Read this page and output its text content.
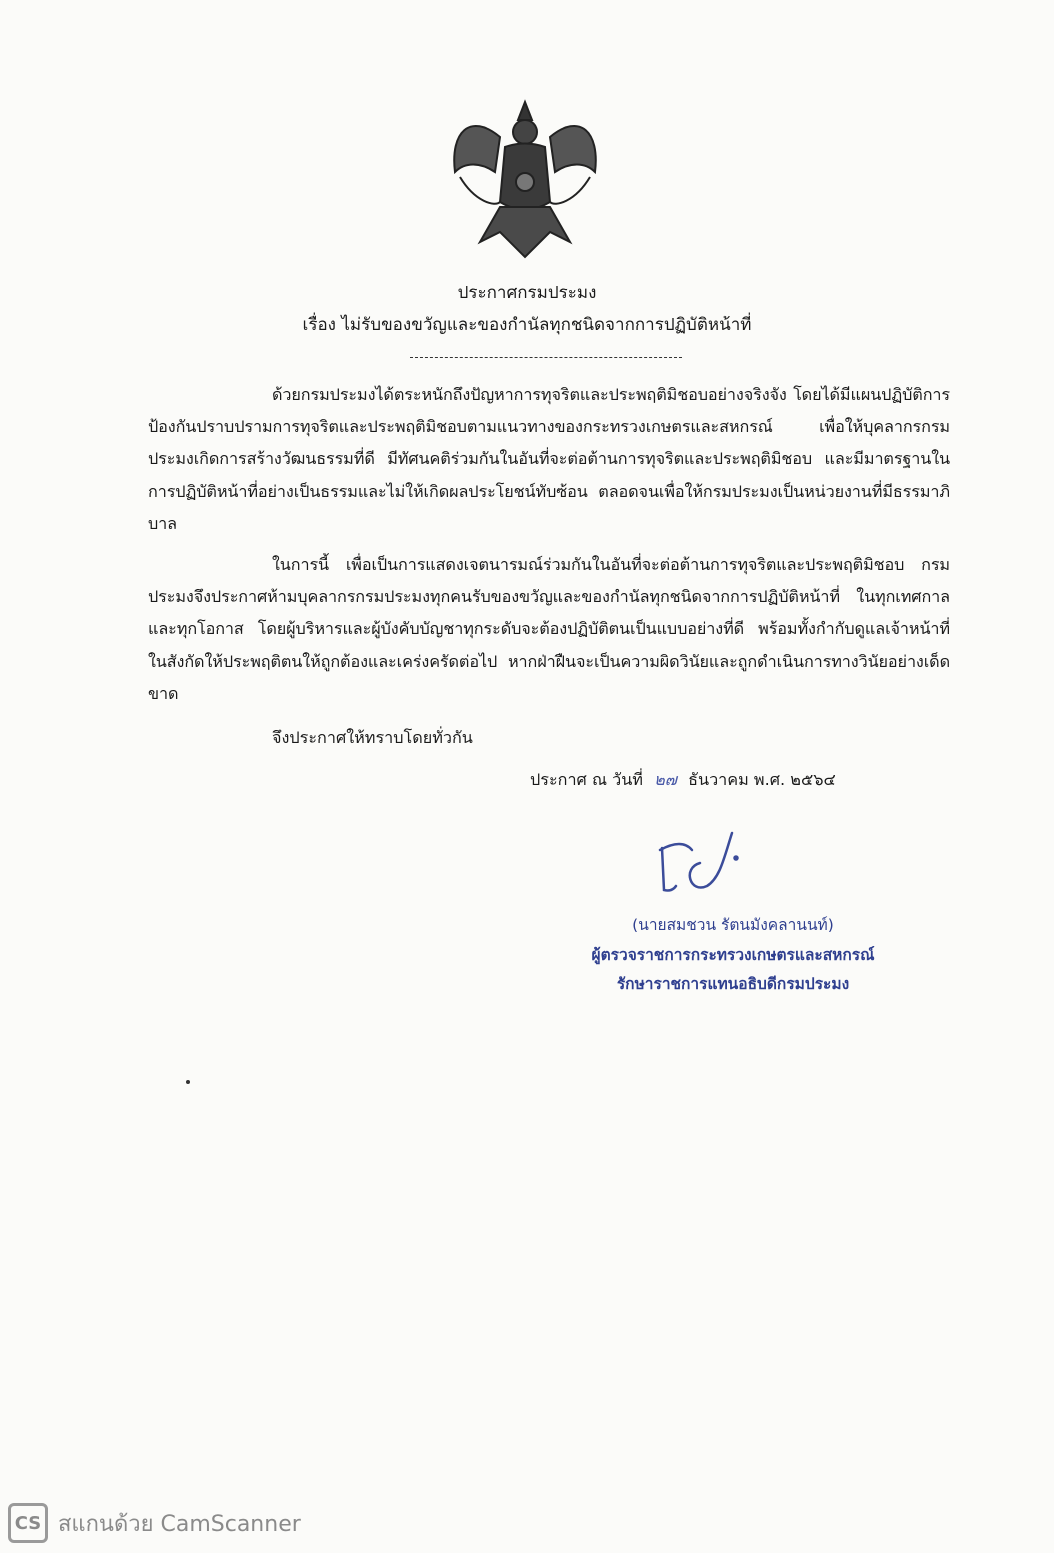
ประกาศกรมประมง
เรื่อง ไม่รับของขวัญและของกำนัลทุกชนิดจากการปฏิบัติหน้าที่
ด้วยกรมประมงได้ตระหนักถึงปัญหาการทุจริตและประพฤติมิชอบอย่างจริงจัง โดยได้มีแผนปฏิบัติการป้องกันปราบปรามการทุจริตและประพฤติมิชอบตามแนวทางของกระทรวงเกษตรและสหกรณ์ เพื่อให้บุคลากรกรมประมงเกิดการสร้างวัฒนธรรมที่ดี มีทัศนคติร่วมกันในอันที่จะต่อต้านการทุจริตและประพฤติมิชอบ และมีมาตรฐานในการปฏิบัติหน้าที่อย่างเป็นธรรมและไม่ให้เกิดผลประโยชน์ทับซ้อน ตลอดจนเพื่อให้กรมประมงเป็นหน่วยงานที่มีธรรมาภิบาล
ในการนี้ เพื่อเป็นการแสดงเจตนารมณ์ร่วมกันในอันที่จะต่อต้านการทุจริตและประพฤติมิชอบ กรมประมงจึงประกาศห้ามบุคลากรกรมประมงทุกคนรับของขวัญและของกำนัลทุกชนิดจากการปฏิบัติหน้าที่ ในทุกเทศกาลและทุกโอกาส โดยผู้บริหารและผู้บังคับบัญชาทุกระดับจะต้องปฏิบัติตนเป็นแบบอย่างที่ดี พร้อมทั้งกำกับดูแลเจ้าหน้าที่ในสังกัดให้ประพฤติตนให้ถูกต้องและเคร่งครัดต่อไป หากฝ่าฝืนจะเป็นความผิดวินัยและถูกดำเนินการทางวินัยอย่างเด็ดขาด
จึงประกาศให้ทราบโดยทั่วกัน
ประกาศ ณ วันที่ ๒๗ ธันวาคม พ.ศ. ๒๕๖๔
(นายสมชวน รัตนมังคลานนท์)
ผู้ตรวจราชการกระทรวงเกษตรและสหกรณ์
รักษาราชการแทนอธิบดีกรมประมง
CS สแกนด้วย CamScanner
